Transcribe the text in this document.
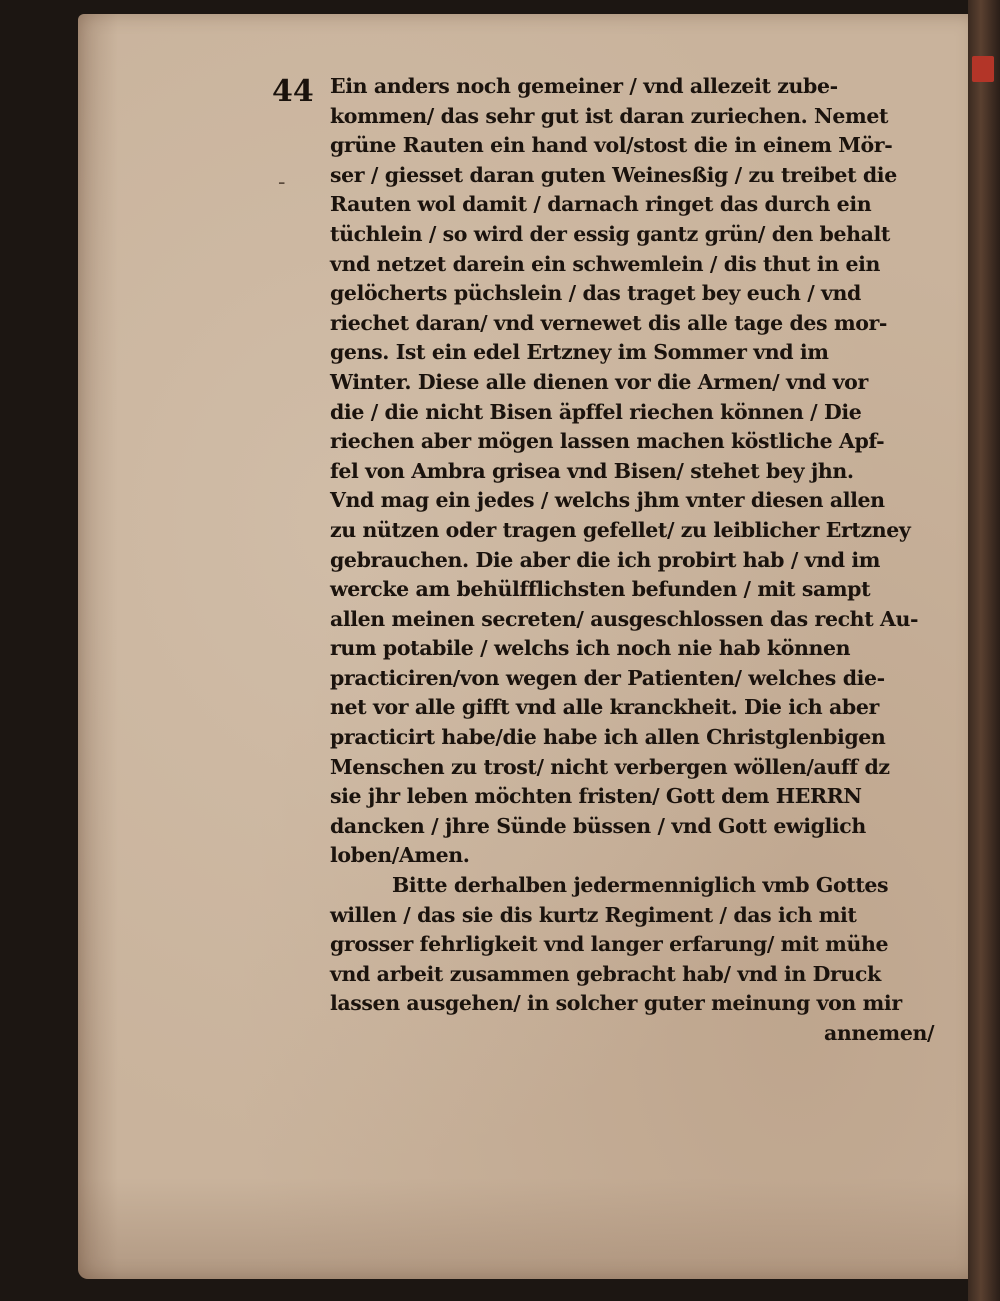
44
-
Ein anders noch gemeiner / vnd allezeit zube-
kommen/ das sehr gut ist daran zuriechen. Nemet
grüne Rauten ein hand vol/stost die in einem Mör-
ser / giesset daran guten Weinesßig / zu treibet die
Rauten wol damit / darnach ringet das durch ein
tüchlein / so wird der essig gantz grün/ den behalt
vnd netzet darein ein schwemlein / dis thut in ein
gelöcherts püchslein / das traget bey euch / vnd
riechet daran/ vnd vernewet dis alle tage des mor-
gens. Ist ein edel Ertzney im Sommer vnd im
Winter. Diese alle dienen vor die Armen/ vnd vor
die / die nicht Bisen äpffel riechen können / Die
riechen aber mögen lassen machen köstliche Apf-
fel von Ambra grisea vnd Bisen/ stehet bey jhn.
Vnd mag ein jedes / welchs jhm vnter diesen allen
zu nützen oder tragen gefellet/ zu leiblicher Ertzney
gebrauchen. Die aber die ich probirt hab / vnd im
wercke am behülfflichsten befunden / mit sampt
allen meinen secreten/ ausgeschlossen das recht Au-
rum potabile / welchs ich noch nie hab können
practiciren/von wegen der Patienten/ welches die-
net vor alle gifft vnd alle kranckheit. Die ich aber
practicirt habe/die habe ich allen Christglenbigen
Menschen zu trost/ nicht verbergen wöllen/auff dz
sie jhr leben möchten fristen/ Gott dem HERRN
dancken / jhre Sünde büssen / vnd Gott ewiglich
loben/Amen.
Bitte derhalben jedermenniglich vmb Gottes
willen / das sie dis kurtz Regiment / das ich mit
grosser fehrligkeit vnd langer erfarung/ mit mühe
vnd arbeit zusammen gebracht hab/ vnd in Druck
lassen ausgehen/ in solcher guter meinung von mir
annemen/
